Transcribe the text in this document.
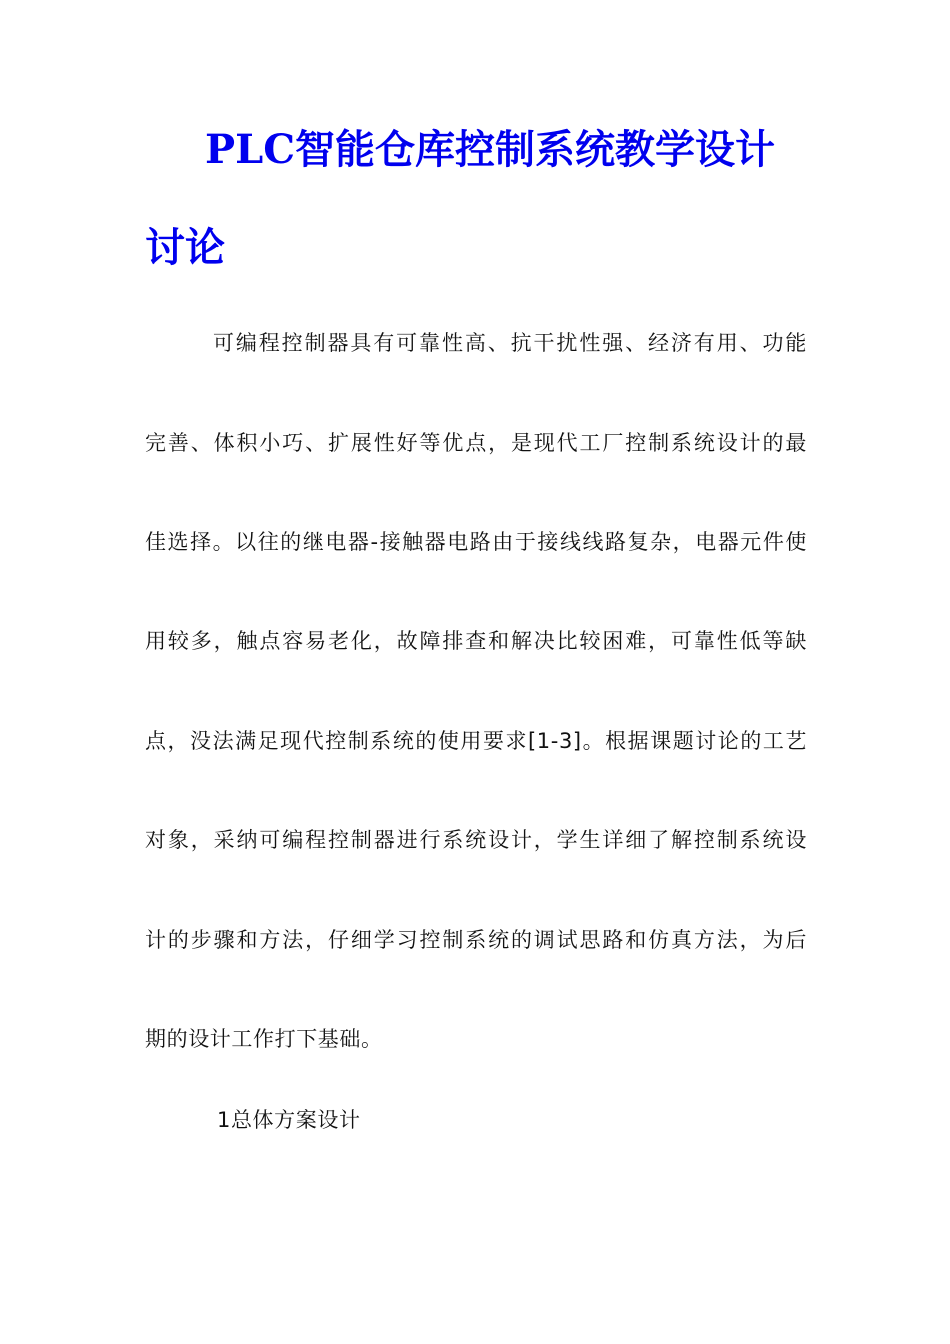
PLC智能仓库控制系统教学设计
讨论

可编程控制器具有可靠性高、抗干扰性强、经济有用、功能

完善、体积小巧、扩展性好等优点，是现代工厂控制系统设计的最

佳选择。以往的继电器-接触器电路由于接线线路复杂，电器元件使

用较多，触点容易老化，故障排查和解决比较困难，可靠性低等缺

点，没法满足现代控制系统的使用要求[1-3]。根据课题讨论的工艺

对象，采纳可编程控制器进行系统设计，学生详细了解控制系统设

计的步骤和方法，仔细学习控制系统的调试思路和仿真方法，为后

期的设计工作打下基础。

1总体方案设计
